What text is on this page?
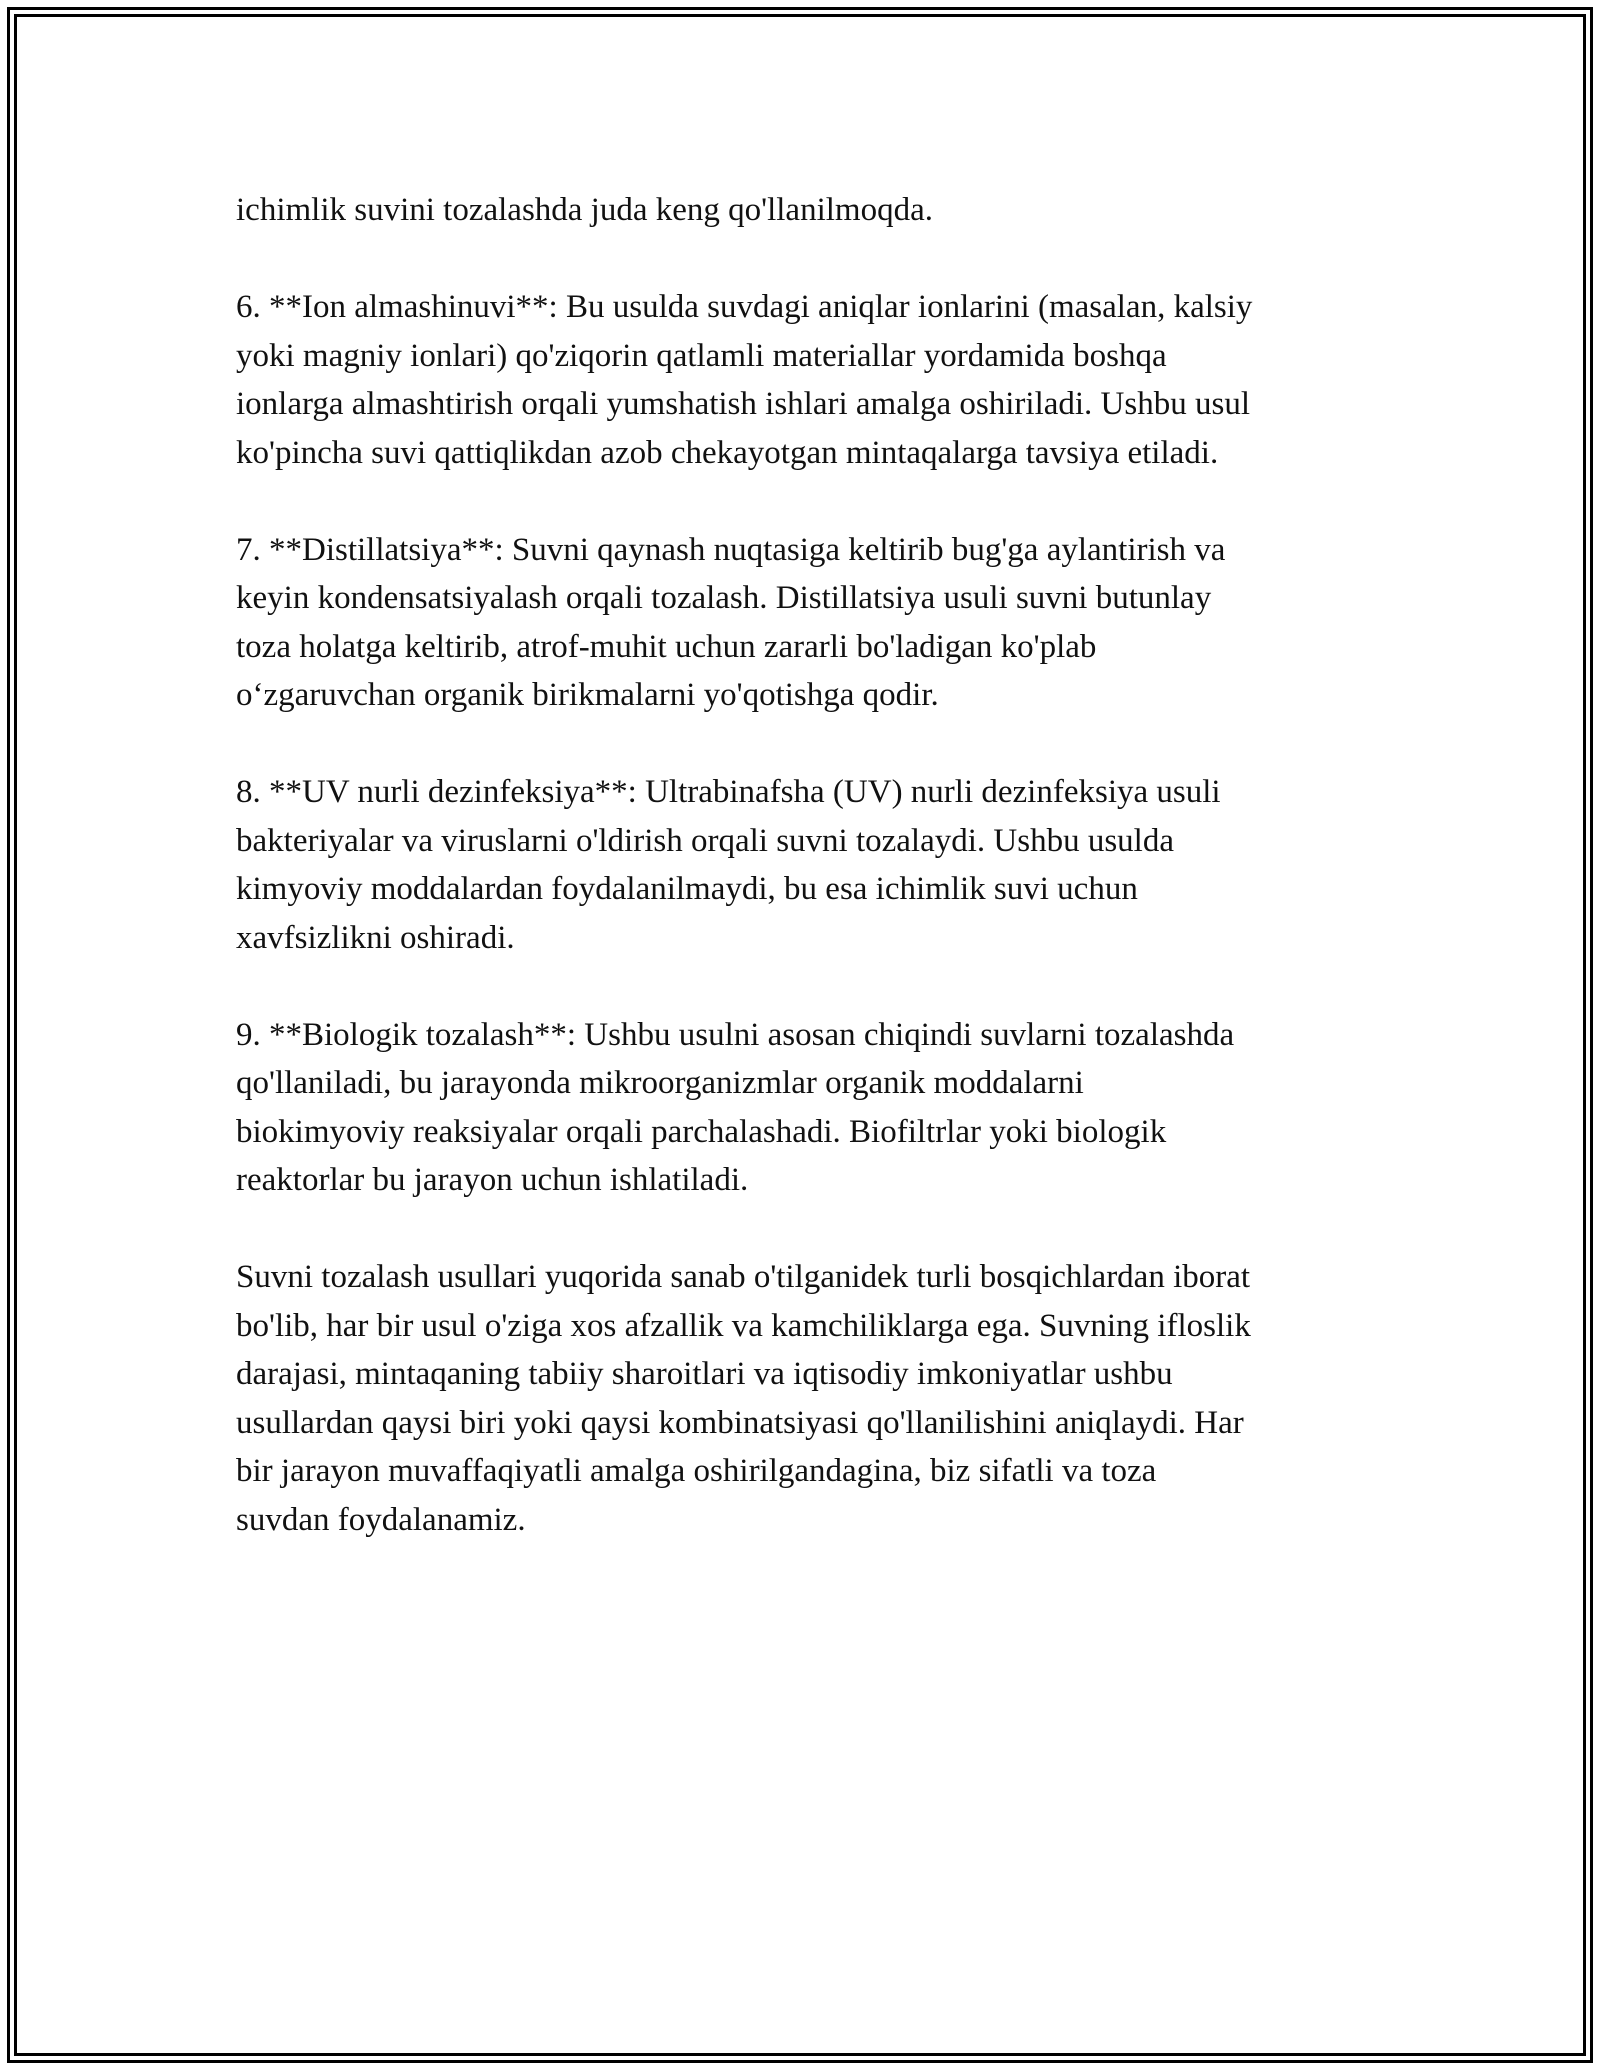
ichimlik suvini tozalashda juda keng qo'llanilmoqda.

6. **Ion almashinuvi**: Bu usulda suvdagi aniqlar ionlarini (masalan, kalsiy
yoki magniy ionlari) qo'ziqorin qatlamli materiallar yordamida boshqa
ionlarga almashtirish orqali yumshatish ishlari amalga oshiriladi. Ushbu usul
ko'pincha suvi qattiqlikdan azob chekayotgan mintaqalarga tavsiya etiladi.

7. **Distillatsiya**: Suvni qaynash nuqtasiga keltirib bug'ga aylantirish va
keyin kondensatsiyalash orqali tozalash. Distillatsiya usuli suvni butunlay
toza holatga keltirib, atrof-muhit uchun zararli bo'ladigan ko'plab
o‘zgaruvchan organik birikmalarni yo'qotishga qodir.

8. **UV nurli dezinfeksiya**: Ultrabinafsha (UV) nurli dezinfeksiya usuli
bakteriyalar va viruslarni o'ldirish orqali suvni tozalaydi. Ushbu usulda
kimyoviy moddalardan foydalanilmaydi, bu esa ichimlik suvi uchun
xavfsizlikni oshiradi.

9. **Biologik tozalash**: Ushbu usulni asosan chiqindi suvlarni tozalashda
qo'llaniladi, bu jarayonda mikroorganizmlar organik moddalarni
biokimyoviy reaksiyalar orqali parchalashadi. Biofiltrlar yoki biologik
reaktorlar bu jarayon uchun ishlatiladi.

Suvni tozalash usullari yuqorida sanab o'tilganidek turli bosqichlardan iborat
bo'lib, har bir usul o'ziga xos afzallik va kamchiliklarga ega. Suvning ifloslik
darajasi, mintaqaning tabiiy sharoitlari va iqtisodiy imkoniyatlar ushbu
usullardan qaysi biri yoki qaysi kombinatsiyasi qo'llanilishini aniqlaydi. Har
bir jarayon muvaffaqiyatli amalga oshirilgandagina, biz sifatli va toza
suvdan foydalanamiz.
